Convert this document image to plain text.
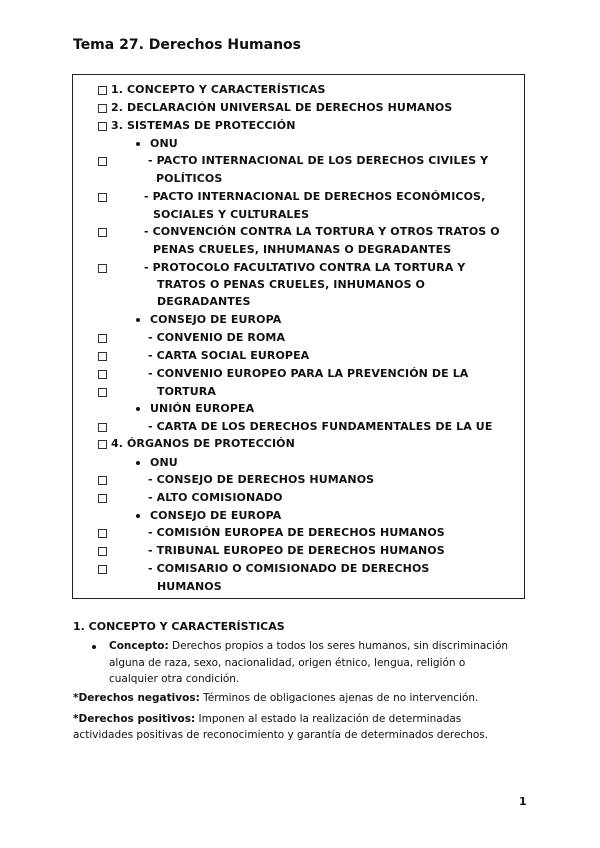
Tema 27. Derechos Humanos
1. CONCEPTO Y CARACTERÍSTICAS
2. DECLARACIÓN UNIVERSAL DE DERECHOS HUMANOS
3. SISTEMAS DE PROTECCIÓN
ONU
- PACTO INTERNACIONAL DE LOS DERECHOS CIVILES Y
POLÍTICOS
- PACTO INTERNACIONAL DE DERECHOS ECONÓMICOS,
SOCIALES Y CULTURALES
- CONVENCIÓN CONTRA LA TORTURA Y OTROS TRATOS O
PENAS CRUELES, INHUMANAS O DEGRADANTES
- PROTOCOLO FACULTATIVO CONTRA LA TORTURA Y
TRATOS O PENAS CRUELES, INHUMANOS O
DEGRADANTES
CONSEJO DE EUROPA
- CONVENIO DE ROMA
- CARTA SOCIAL EUROPEA
- CONVENIO EUROPEO PARA LA PREVENCIÓN DE LA
TORTURA
UNIÓN EUROPEA
- CARTA DE LOS DERECHOS FUNDAMENTALES DE LA UE
4. ÓRGANOS DE PROTECCIÓN
ONU
- CONSEJO DE DERECHOS HUMANOS
- ALTO COMISIONADO
CONSEJO DE EUROPA
- COMISIÓN EUROPEA DE DERECHOS HUMANOS
- TRIBUNAL EUROPEO DE DERECHOS HUMANOS
- COMISARIO O COMISIONADO DE DERECHOS
HUMANOS
1. CONCEPTO Y CARACTERÍSTICAS
Concepto: Derechos propios a todos los seres humanos, sin discriminación
alguna de raza, sexo, nacionalidad, origen étnico, lengua, religión o
cualquier otra condición.
*Derechos negativos: Términos de obligaciones ajenas de no intervención.
*Derechos positivos: Imponen al estado la realización de determinadas
actividades positivas de reconocimiento y garantía de determinados derechos.
1
